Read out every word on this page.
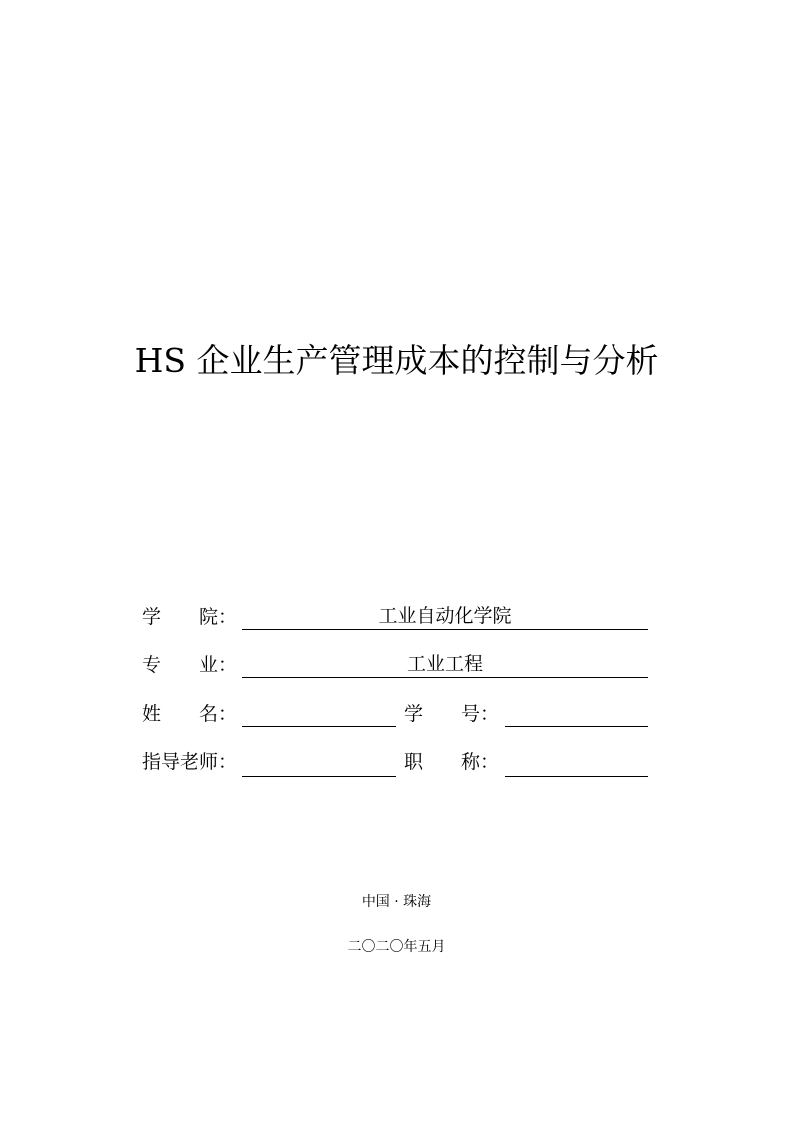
HS 企业生产管理成本的控制与分析
学　　院：	工业自动化学院
专　　业：	工业工程
姓　　名：	学　　号：
指导老师：	职　　称：
中国 · 珠海
二〇二〇年五月
